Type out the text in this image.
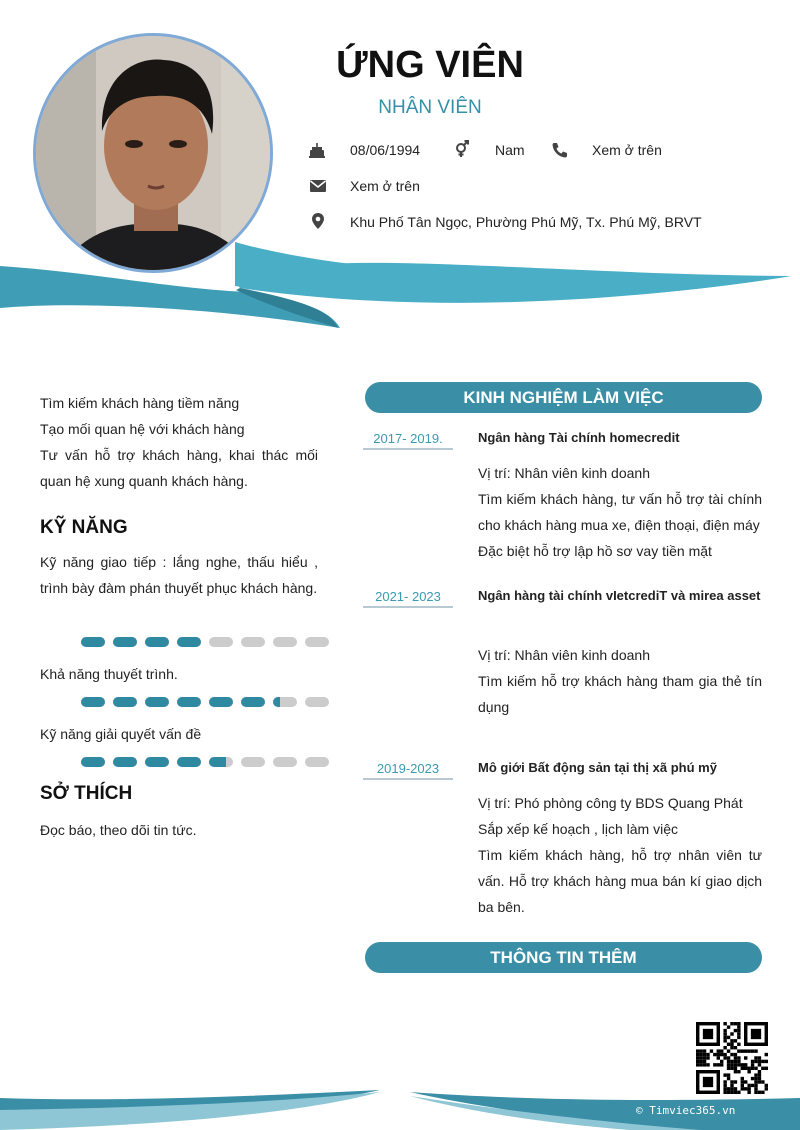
ỨNG VIÊN
NHÂN VIÊN
08/06/1994	Nam	Xem ở trên
Xem ở trên
Khu Phố Tân Ngọc, Phường Phú Mỹ, Tx. Phú Mỹ, BRVT

Tìm kiếm khách hàng tiềm năng

Tạo mối quan hệ với khách hàng

Tư vấn hỗ trợ khách hàng, khai thác mối quan hệ xung quanh khách hàng.

KỸ NĂNG
Kỹ năng giao tiếp : lắng nghe, thấu hiểu , trình bày đàm phán thuyết phục khách hàng.
Khả năng thuyết trình.
Kỹ năng giải quyết vấn đề
SỞ THÍCH
Đọc báo, theo dõi tin tức.
KINH NGHIỆM LÀM VIỆC
2017- 2019.	Ngân hàng Tài chính homecredit

Vị trí: Nhân viên kinh doanh

Tìm kiếm khách hàng, tư vấn hỗ trợ tài chính cho khách hàng mua xe, điện thoại, điện máy

Đặc biệt hỗ trợ lập hồ sơ vay tiền mặt

2021- 2023	Ngân hàng tài chính vIetcrediT và mirea asset

Vị trí: Nhân viên kinh doanh

Tìm kiếm hỗ trợ khách hàng tham gia thẻ tín dụng

2019-2023	Mô giới Bất động sản tại thị xã phú mỹ

Vị trí: Phó phòng công ty BDS Quang Phát

Sắp xếp kế hoạch , lịch làm việc

Tìm kiếm khách hàng, hỗ trợ nhân viên tư vấn. Hỗ trợ khách hàng mua bán kí giao dịch ba bên.

THÔNG TIN THÊM
© Timviec365.vn
